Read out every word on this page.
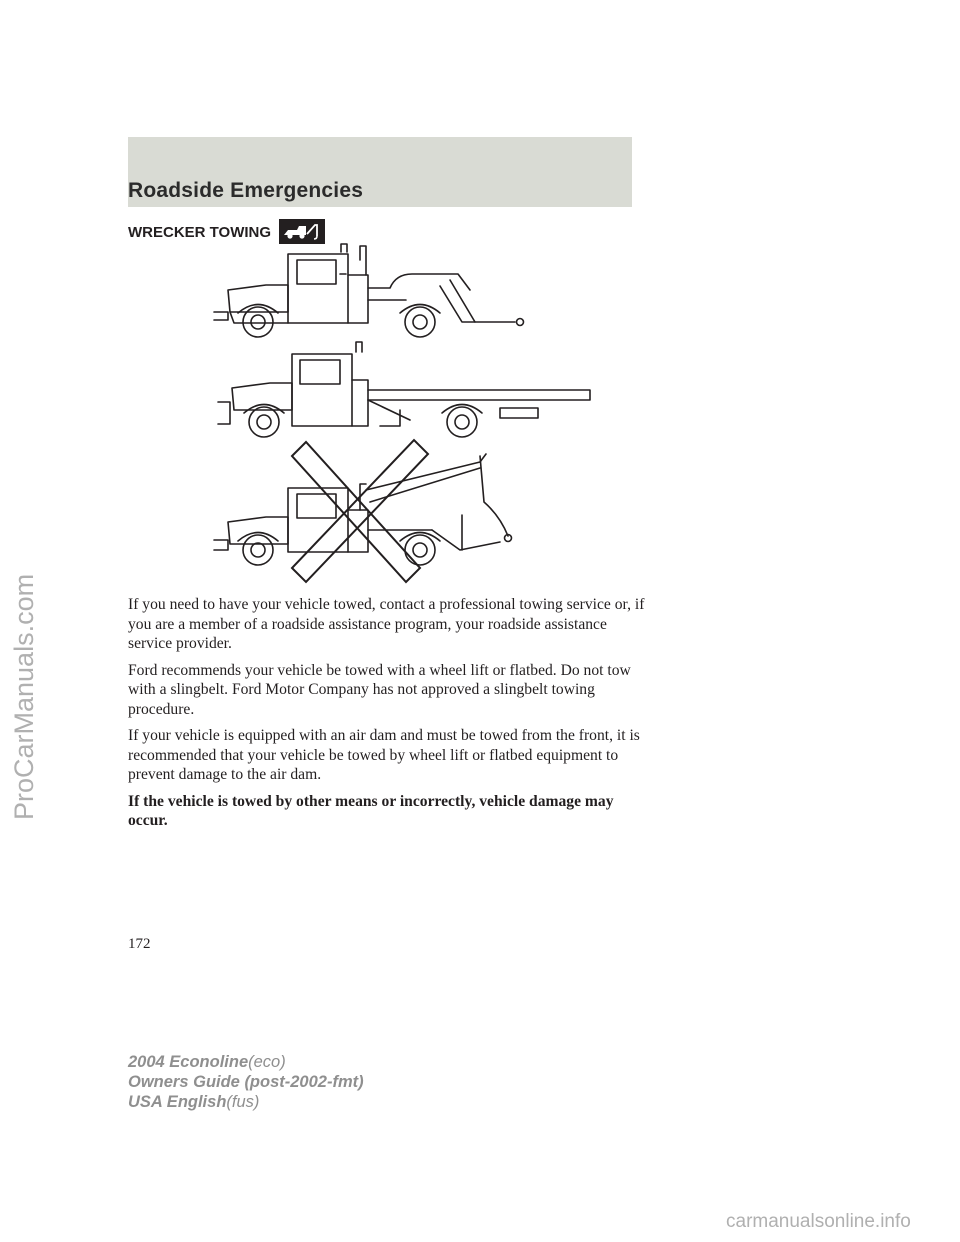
Roadside Emergencies
WRECKER TOWING

If you need to have your vehicle towed, contact a professional towing service or, if you are a member of a roadside assistance program, your roadside assistance service provider.

Ford recommends your vehicle be towed with a wheel lift or flatbed. Do not tow with a slingbelt. Ford Motor Company has not approved a slingbelt towing procedure.

If your vehicle is equipped with an air dam and must be towed from the front, it is recommended that your vehicle be towed by wheel lift or flatbed equipment to prevent damage to the air dam.

If the vehicle is towed by other means or incorrectly, vehicle damage may occur.

172
2004 Econoline(eco)
Owners Guide (post-2002-fmt)
USA English(fus)
ProCarManuals.com
carmanualsonline.info
